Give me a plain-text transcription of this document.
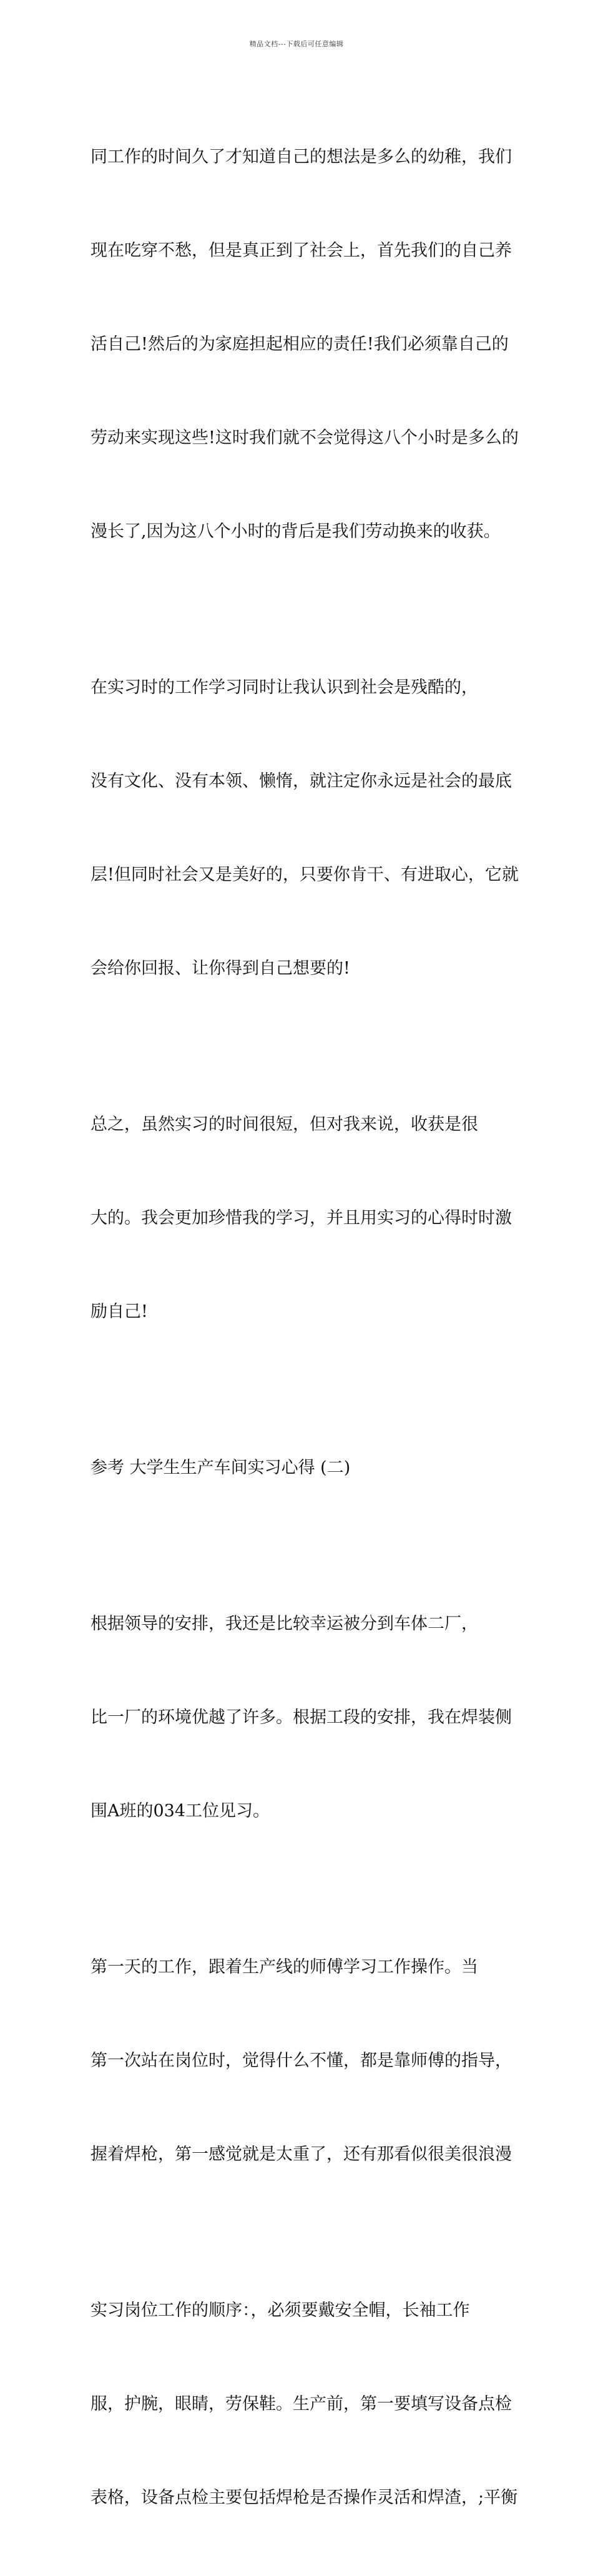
精品文档---下载后可任意编辑

同工作的时间久了才知道自己的想法是多么的幼稚，我们

现在吃穿不愁，但是真正到了社会上，首先我们的自己养

活自己!然后的为家庭担起相应的责任!我们必须靠自己的

劳动来实现这些!这时我们就不会觉得这八个小时是多么的

漫长了,因为这八个小时的背后是我们劳动换来的收获。

在实习时的工作学习同时让我认识到社会是残酷的，

没有文化、没有本领、懒惰，就注定你永远是社会的最底

层!但同时社会又是美好的，只要你肯干、有进取心，它就

会给你回报、让你得到自己想要的!

总之，虽然实习的时间很短，但对我来说，收获是很

大的。我会更加珍惜我的学习，并且用实习的心得时时激

励自己!

参考 大学生生产车间实习心得 (二)

根据领导的安排，我还是比较幸运被分到车体二厂，

比一厂的环境优越了许多。根据工段的安排，我在焊装侧

围A班的034工位见习。

第一天的工作，跟着生产线的师傅学习工作操作。当

第一次站在岗位时，觉得什么不懂，都是靠师傅的指导，

握着焊枪，第一感觉就是太重了，还有那看似很美很浪漫

实习岗位工作的顺序：，必须要戴安全帽，长袖工作

服，护腕，眼睛，劳保鞋。生产前，第一要填写设备点检

表格，设备点检主要包括焊枪是否操作灵活和焊渣，;平衡
